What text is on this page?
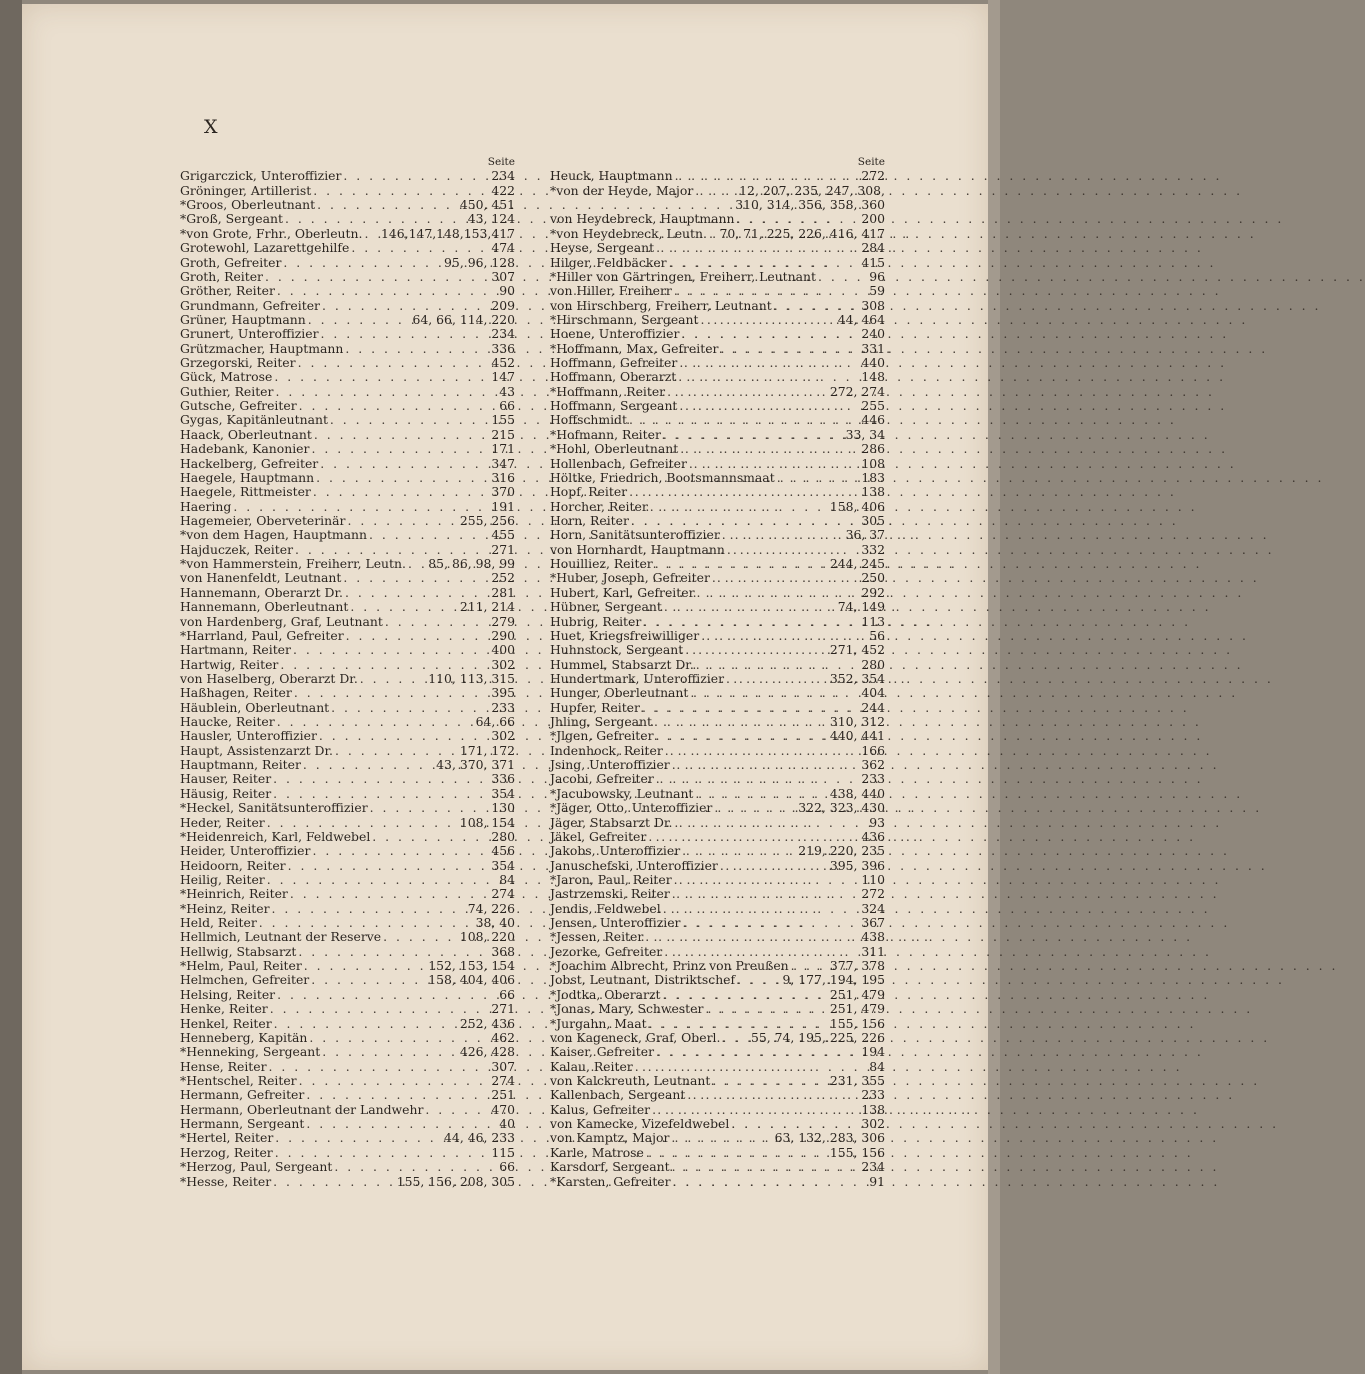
X
Seite
Grigarczick, Unteroffizier . . .	234
Gröninger, Artillerist . . .	422
*Groos, Oberleutnant . . .	450, 451
*Groß, Sergeant . . .	43, 124
*von Grote, Frhr., Oberleutn. . . . 146,147,148,153,417
Grotewohl, Lazarettgehilfe . . .	474
Groth, Gefreiter . . .	95, 96, 128
Groth, Reiter . . .	307
Gröther, Reiter . . .	90
Grundmann, Gefreiter . . .	209
Grüner, Hauptmann . . .	64, 66, 114, 220
Grunert, Unteroffizier . . .	234
Grützmacher, Hauptmann . . .	336
Grzegorski, Reiter . . .	452
Gück, Matrose . . .	147
Guthier, Reiter . . .	43
Gutsche, Gefreiter . . .	66
Gygas, Kapitänleutnant . . .	155
Haack, Oberleutnant . . .	215
Hadebank, Kanonier . . .	171
Hackelberg, Gefreiter . . .	347
Haegele, Hauptmann . . .	316
Haegele, Rittmeister . . .	370
Haering . . .	191
Hagemeier, Oberveterinär . . .	255, 256
*von dem Hagen, Hauptmann . . .	455
Hajduczek, Reiter . . .	271
*von Hammerstein, Freiherr, Leutn. . . . 85, 86, 98, 99
von Hanenfeldt, Leutnant . . .	252
Hannemann, Oberarzt Dr. . . .	281
Hannemann, Oberleutnant . . .	211, 214
von Hardenberg, Graf, Leutnant . . .	279
*Harrland, Paul, Gefreiter . . .	290
Hartmann, Reiter . . .	400
Hartwig, Reiter . . .	302
von Haselberg, Oberarzt Dr. . . .	110, 113, 315
Haßhagen, Reiter . . .	395
Häublein, Oberleutnant . . .	233
Haucke, Reiter . . .	64, 66
Hausler, Unteroffizier . . .	302
Haupt, Assistenzarzt Dr. . . .	171, 172
Hauptmann, Reiter . . .	43, 370, 371
Hauser, Reiter . . .	336
Häusig, Reiter . . .	354
*Heckel, Sanitätsunteroffizier . . .	130
Heder, Reiter . . .	108, 154
*Heidenreich, Karl, Feldwebel . . .	280
Heider, Unteroffizier . . .	456
Heidoorn, Reiter . . .	354
Heilig, Reiter . . .	84
*Heinrich, Reiter . . .	274
*Heinz, Reiter . . .	74, 226
Held, Reiter . . .	38, 40
Hellmich, Leutnant der Reserve . . .	108, 220
Hellwig, Stabsarzt . . .	368
*Helm, Paul, Reiter . . .	152, 153, 154
Helmchen, Gefreiter . . .	158, 404, 406
Helsing, Reiter . . .	66
Henke, Reiter . . .	271
Henkel, Reiter . . .	252, 436
Henneberg, Kapitän . . .	462
*Henneking, Sergeant . . .	426, 428
Hense, Reiter . . .	307
*Hentschel, Reiter . . .	274
Hermann, Gefreiter . . .	251
Hermann, Oberleutnant der Landwehr . . .	470
Hermann, Sergeant . . .	40
*Hertel, Reiter . . .	44, 46, 233
Herzog, Reiter . . .	115
*Herzog, Paul, Sergeant . . .	66
*Hesse, Reiter . . .	155, 156, 208, 305
Seite
Heuck, Hauptmann . . .	272
*von der Heyde, Major . . .	12, 207, 235, 247, 308,
310, 314, 356, 358, 360
von Heydebreck, Hauptmann . . .	200
*von Heydebreck, Leutn. . . . 70, 71, 225, 226, 416, 417
Heyse, Sergeant . . .	284
Hilger, Feldbäcker . . .	415
*Hiller von Gärtringen, Freiherr, Leutnant . . .	96
von Hiller, Freiherr . . .	59
von Hirschberg, Freiherr, Leutnant . . .	308
*Hirschmann, Sergeant . . .	44, 464
Hoene, Unteroffizier . . .	240
*Hoffmann, Max, Gefreiter . . .	331
Hoffmann, Gefreiter . . .	440
Hoffmann, Oberarzt . . .	148
*Hoffmann, Reiter . . .	272, 274
Hoffmann, Sergeant . . .	255
Hoffschmidt . . .	446
*Hofmann, Reiter . . .	33, 34
*Hohl, Oberleutnant . . .	286
Hollenbach, Gefreiter . . .	108
Höltke, Friedrich, Bootsmannsmaat . . .	183
Hopf, Reiter . . .	138
Horcher, Reiter . . .	158, 406
Horn, Reiter . . .	305
Horn, Sanitätsunteroffizier . . .	36, 37
von Hornhardt, Hauptmann . . .	332
Houilliez, Reiter . . .	244, 245
*Huber, Joseph, Gefreiter . . .	250
Hubert, Karl, Gefreiter . . .	292
Hübner, Sergeant . . .	74, 149
Hubrig, Reiter . . .	113
Huet, Kriegsfreiwilliger . . .	56
Huhnstock, Sergeant . . .	271, 452
Hummel, Stabsarzt Dr. . . .	280
Hundertmark, Unteroffizier . . .	352, 354
Hunger, Oberleutnant . . .	404
Hupfer, Reiter . . .	244
Jhling, Sergeant . . .	310, 312
*Jlgen, Gefreiter . . .	440, 441
Indenhock, Reiter . . .	166
Jsing, Unteroffizier . . .	362
Jacobi, Gefreiter . . .	233
*Jacubowsky, Leutnant . . .	438, 440
*Jäger, Otto, Unteroffizier . . .	322, 323, 430
Jäger, Stabsarzt Dr. . . .	93
Jäkel, Gefreiter . . .	436
Jakobs, Unteroffizier . . .	219, 220, 235
Januschefski, Unteroffizier . . .	395, 396
*Jaron, Paul, Reiter . . .	110
Jastrzemski, Reiter . . .	272
Jendis, Feldwebel . . .	324
Jensen, Unteroffizier . . .	367
*Jessen, Reiter . . .	438
Jezorke, Gefreiter . . .	311
*Joachim Albrecht, Prinz von Preußen . . .	377, 378
Jobst, Leutnant, Distriktschef . . .	9, 177, 194, 195
*Jodtka, Oberarzt . . .	251, 479
*Jonas, Mary, Schwester . . .	251, 479
*Jurgahn, Maat . . .	155, 156
von Kageneck, Graf, Oberl. . . . 55, 74, 195, 225, 226
Kaiser, Gefreiter . . .	194
Kalau, Reiter . . .	84
von Kalckreuth, Leutnant . . .	231, 355
Kallenbach, Sergeant . . .	233
Kalus, Gefreiter . . .	138
von Kamecke, Vizefeldwebel . . .	302
von Kamptz, Major . . .	63, 132, 283, 306
Karle, Matrose . . .	155, 156
Karsdorf, Sergeant . . .	234
*Karsten, Gefreiter . . .	91
